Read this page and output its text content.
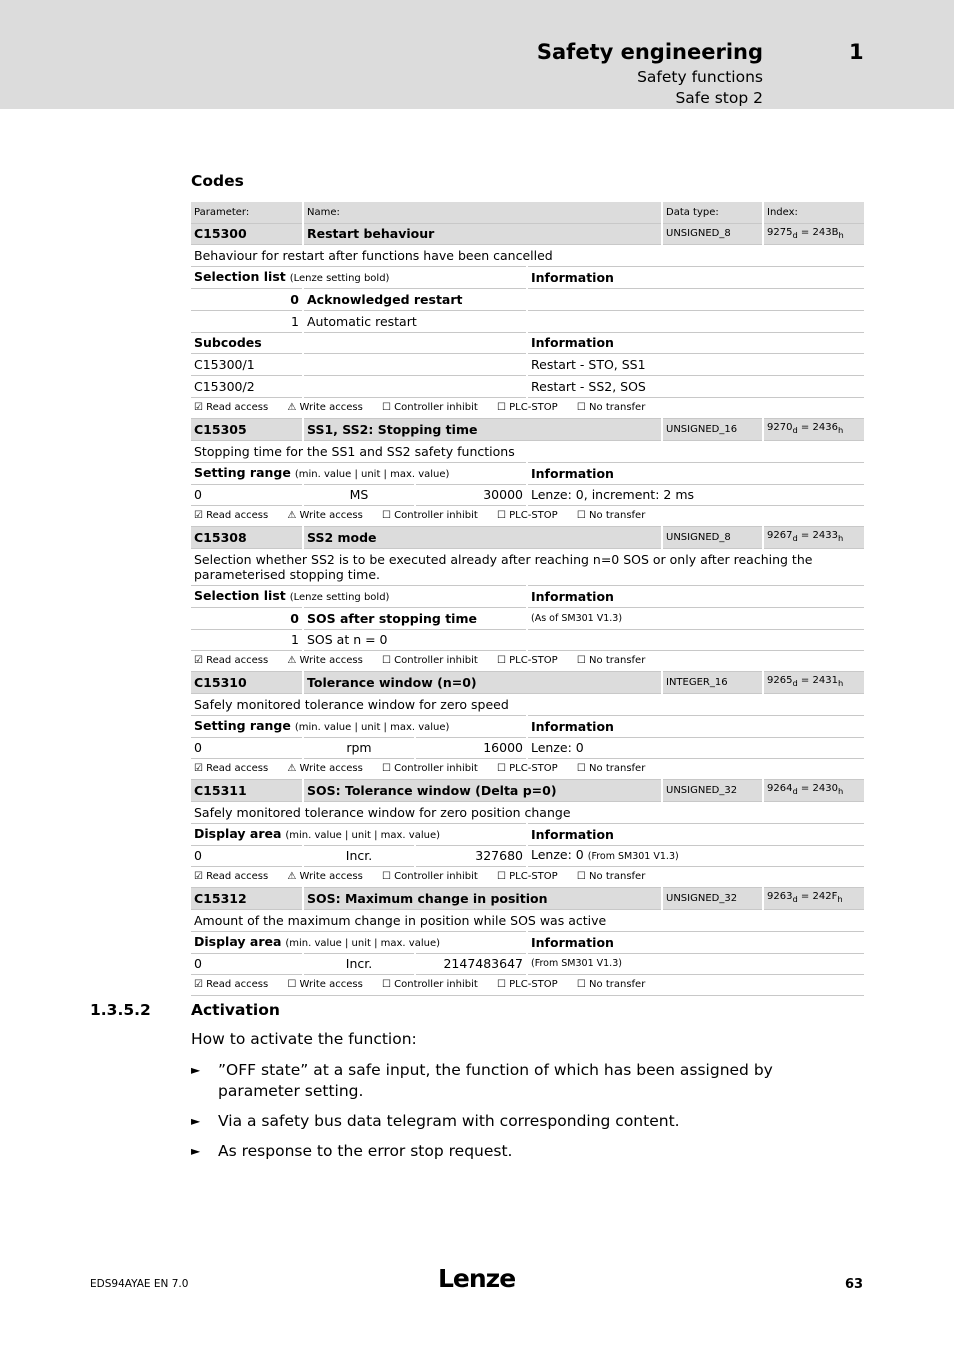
Safety engineering	1
Safety functions
Safe stop 2
Codes
Parameter:	Name:			Data type:	Index:
C15300	Restart behaviour			UNSIGNED_8	$9275_d = 243B_h$
Behaviour for restart after functions have been cancelled					
Selection list (Lenze setting bold)			Information		
0	Acknowledged restart				
1	Automatic restart				
Subcodes			Information		
C15300/1			Restart - STO, SS1		
C15300/2			Restart - SS2, SOS		
☑ Read access ⚠ Write access ☐ Controller inhibit ☐ PLC-STOP ☐ No transfer					
C15305	SS1, SS2: Stopping time			UNSIGNED_16	$9270_d = 2436_h$
Stopping time for the SS1 and SS2 safety functions					
Setting range (min. value | unit | max. value)			Information		
0	MS	30000	Lenze: 0, increment: 2 ms		
☑ Read access ⚠ Write access ☐ Controller inhibit ☐ PLC-STOP ☐ No transfer					
C15308	SS2 mode			UNSIGNED_8	$9267_d = 2433_h$
Selection whether SS2 is to be executed already after reaching n=0 SOS or only after reaching the parameterised stopping time.					
Selection list (Lenze setting bold)			Information		
0	SOS after stopping time		(As of SM301 V1.3)		
1	SOS at n = 0				
☑ Read access ⚠ Write access ☐ Controller inhibit ☐ PLC-STOP ☐ No transfer					
C15310	Tolerance window (n=0)			INTEGER_16	$9265_d = 2431_h$
Safely monitored tolerance window for zero speed					
Setting range (min. value | unit | max. value)			Information		
0	rpm	16000	Lenze: 0		
☑ Read access ⚠ Write access ☐ Controller inhibit ☐ PLC-STOP ☐ No transfer					
C15311	SOS: Tolerance window (Delta p=0)			UNSIGNED_32	$9264_d = 2430_h$
Safely monitored tolerance window for zero position change					
Display area (min. value | unit | max. value)			Information		
0	Incr.	327680	Lenze: 0 (From SM301 V1.3)		
☑ Read access ⚠ Write access ☐ Controller inhibit ☐ PLC-STOP ☐ No transfer					
C15312	SOS: Maximum change in position			UNSIGNED_32	$9263_d = 242F_h$
Amount of the maximum change in position while SOS was active					
Display area (min. value | unit | max. value)			Information		
0	Incr.	2147483647	(From SM301 V1.3)		
☑ Read access ☐ Write access ☐ Controller inhibit ☐ PLC-STOP ☐ No transfer					
1.3.5.2	Activation
How to activate the function:
► ”OFF state” at a safe input, the function of which has been assigned by parameter setting.
► Via a safety bus data telegram with corresponding content.
► As response to the error stop request.
EDS94AYAE EN 7.0	Lenze	63
